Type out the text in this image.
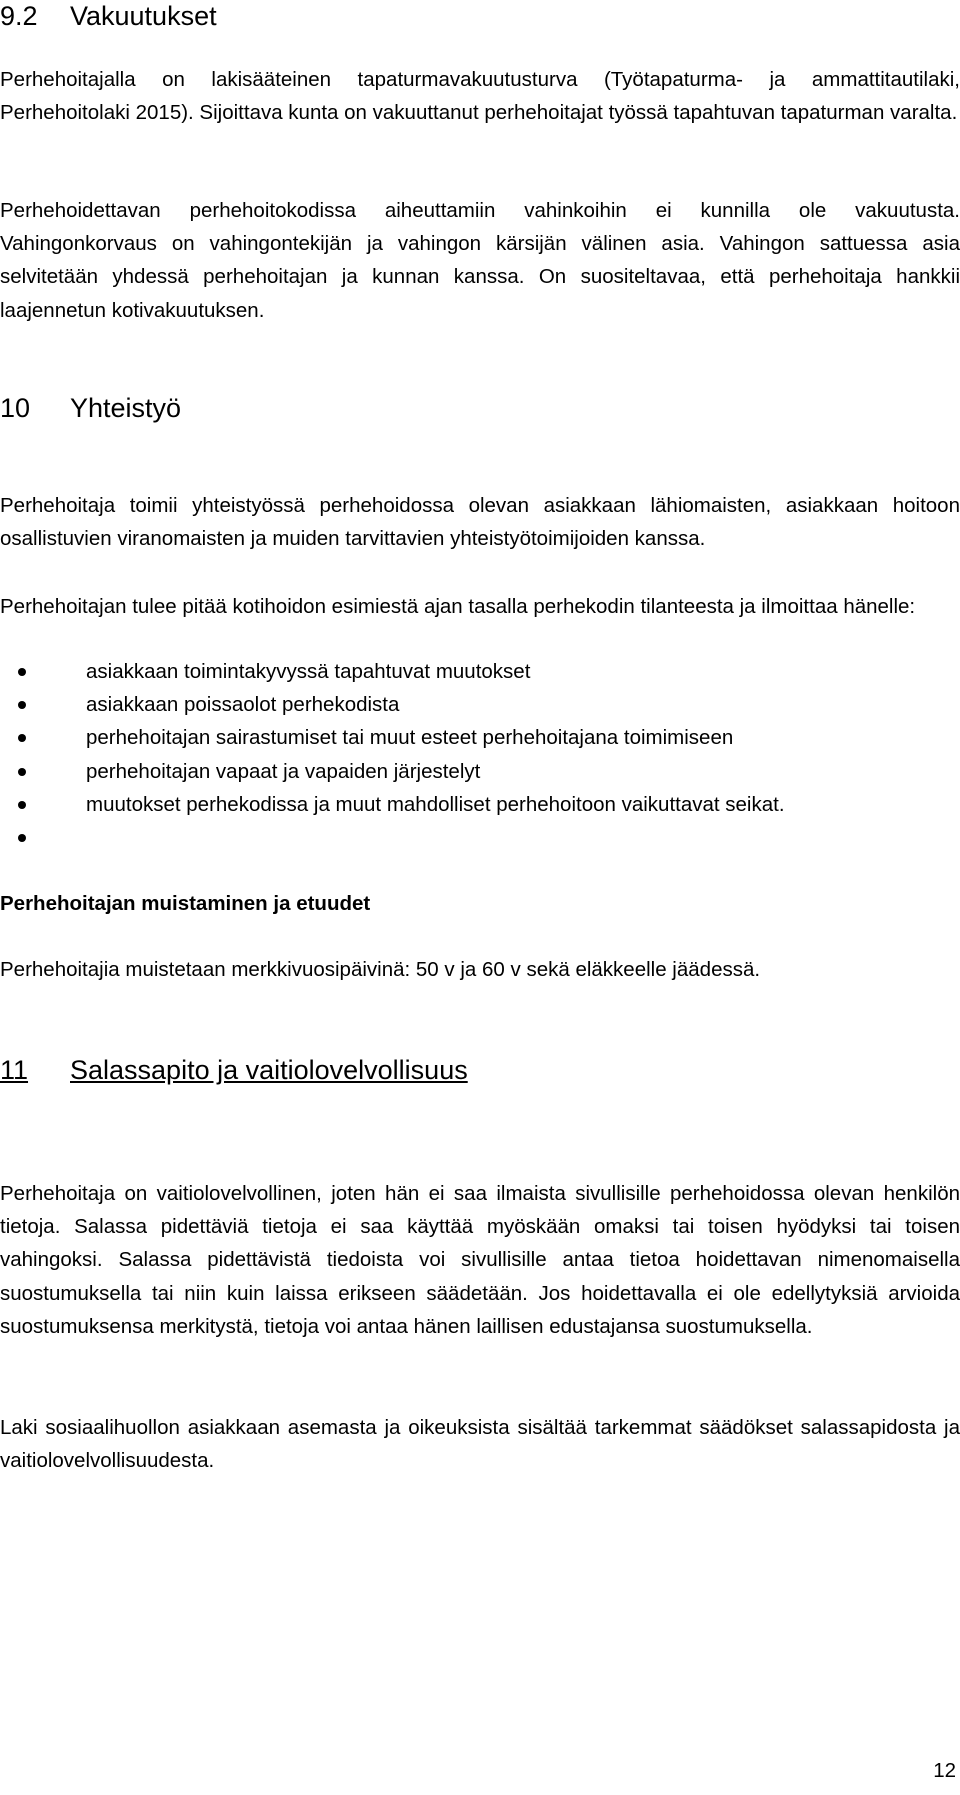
9.2 Vakuutukset

Perhehoitajalla on lakisääteinen tapaturmavakuutusturva (Työtapaturma- ja ammattitautilaki, Perhehoitolaki 2015). Sijoittava kunta on vakuuttanut perhehoitajat työssä tapahtuvan tapaturman varalta.

Perhehoidettavan perhehoitokodissa aiheuttamiin vahinkoihin ei kunnilla ole vakuutusta. Vahingonkorvaus on vahingontekijän ja vahingon kärsijän välinen asia. Vahingon sattuessa asia selvitetään yhdessä perhehoitajan ja kunnan kanssa. On suositeltavaa, että perhehoitaja hankkii laajennetun kotivakuutuksen.

10 Yhteistyö

Perhehoitaja toimii yhteistyössä perhehoidossa olevan asiakkaan lähiomaisten, asiakkaan hoitoon osallistuvien viranomaisten ja muiden tarvittavien yhteistyötoimijoiden kanssa.

Perhehoitajan tulee pitää kotihoidon esimiestä ajan tasalla perhekodin tilanteesta ja ilmoittaa hänelle:

asiakkaan toimintakyvyssä tapahtuvat muutokset
asiakkaan poissaolot perhekodista
perhehoitajan sairastumiset tai muut esteet perhehoitajana toimimiseen
perhehoitajan vapaat ja vapaiden järjestelyt
muutokset perhekodissa ja muut mahdolliset perhehoitoon vaikuttavat seikat.
Perhehoitajan muistaminen ja etuudet

Perhehoitajia muistetaan merkkivuosipäivinä: 50 v ja 60 v sekä eläkkeelle jäädessä.

11 Salassapito ja vaitiolovelvollisuus

Perhehoitaja on vaitiolovelvollinen, joten hän ei saa ilmaista sivullisille perhehoidossa olevan henkilön tietoja. Salassa pidettäviä tietoja ei saa käyttää myöskään omaksi tai toisen hyödyksi tai toisen vahingoksi. Salassa pidettävistä tiedoista voi sivullisille antaa tietoa hoidettavan nimenomaisella suostumuksella tai niin kuin laissa erikseen säädetään. Jos hoidettavalla ei ole edellytyksiä arvioida suostumuksensa merkitystä, tietoja voi antaa hänen laillisen edustajansa suostumuksella.

Laki sosiaalihuollon asiakkaan asemasta ja oikeuksista sisältää tarkemmat säädökset salassapidosta ja vaitiolovelvollisuudesta.

12
